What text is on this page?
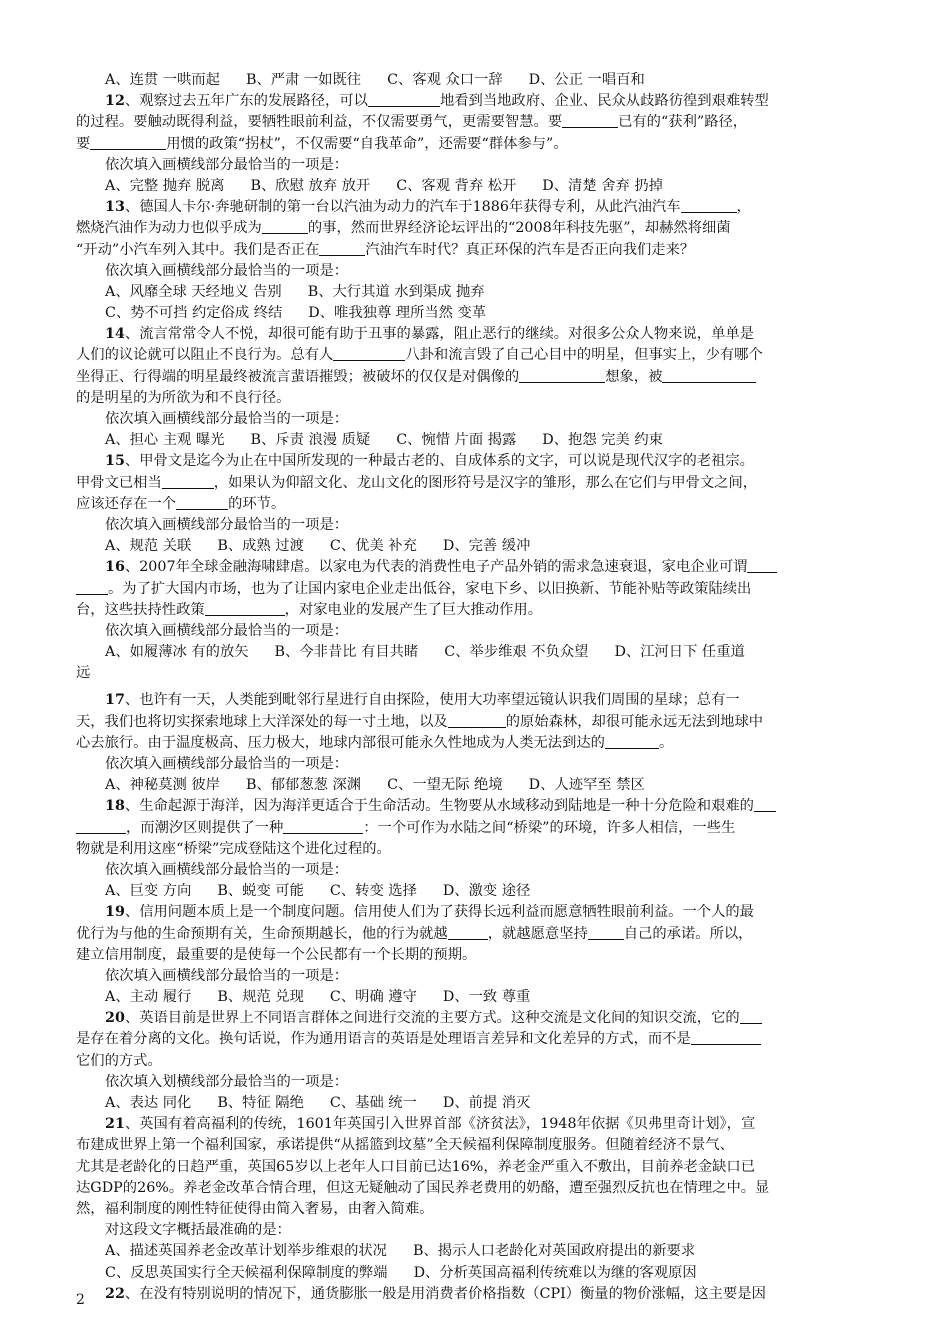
A、连贯 一哄而起 B、严肃 一如既往 C、客观 众口一辞 D、公正 一唱百和
12、观察过去五年广东的发展路径，可以	地看到当地政府、企业、民众从歧路彷徨到艰难转型
的过程。要触动既得利益，要牺牲眼前利益，不仅需要勇气，更需要智慧。要	已有的“获利”路径，
要	用惯的政策“拐杖”，不仅需要“自我革命”，还需要“群体参与”。
依次填入画横线部分最恰当的一项是：
A、完整 抛弃 脱离 B、欣慰 放弃 放开 C、客观 背弃 松开 D、清楚 舍弃 扔掉
13、德国人卡尔·奔驰研制的第一台以汽油为动力的汽车于1886年获得专利，从此汽油汽车	，
燃烧汽油作为动力也似乎成为	的事，然而世界经济论坛评出的“2008年科技先驱”，却赫然将细菌
“开动”小汽车列入其中。我们是否正在	汽油汽车时代？真正环保的汽车是否正向我们走来？
依次填入画横线部分最恰当的一项是：
A、风靡全球 天经地义 告别 B、大行其道 水到渠成 抛弃
C、势不可挡 约定俗成 终结 D、唯我独尊 理所当然 变革
14、流言常常令人不悦，却很可能有助于丑事的暴露，阻止恶行的继续。对很多公众人物来说，单单是
人们的议论就可以阻止不良行为。总有人	八卦和流言毁了自己心目中的明星，但事实上，少有哪个
坐得正、行得端的明星最终被流言蜚语摧毁；被破坏的仅仅是对偶像的	想象，被
的是明星的为所欲为和不良行径。
依次填入画横线部分最恰当的一项是：
A、担心 主观 曝光 B、斥责 浪漫 质疑 C、惋惜 片面 揭露 D、抱怨 完美 约束
15、甲骨文是迄今为止在中国所发现的一种最古老的、自成体系的文字，可以说是现代汉字的老祖宗。
甲骨文已相当	，如果认为仰韶文化、龙山文化的图形符号是汉字的雏形，那么在它们与甲骨文之间，
应该还存在一个	的环节。
依次填入画横线部分最恰当的一项是：
A、规范 关联 B、成熟 过渡 C、优美 补充 D、完善 缓冲
16、2007年全球金融海啸肆虐。以家电为代表的消费性电子产品外销的需求急速衰退，家电企业可谓
。为了扩大国内市场，也为了让国内家电企业走出低谷，家电下乡、以旧换新、节能补贴等政策陆续出
台，这些扶持性政策	，对家电业的发展产生了巨大推动作用。
依次填入画横线部分最恰当的一项是：
A、如履薄冰 有的放矢 B、今非昔比 有目共睹 C、举步维艰 不负众望 D、江河日下 任重道
远
17、也许有一天，人类能到毗邻行星进行自由探险，使用大功率望远镜认识我们周围的星球；总有一
天，我们也将切实探索地球上大洋深处的每一寸土地，以及	的原始森林，却很可能永远无法到地球中
心去旅行。由于温度极高、压力极大，地球内部很可能永久性地成为人类无法到达的	。
依次填入画横线部分最恰当的一项是：
A、神秘莫测 彼岸 B、郁郁葱葱 深渊 C、一望无际 绝境 D、人迹罕至 禁区
18、生命起源于海洋，因为海洋更适合于生命活动。生物要从水域移动到陆地是一种十分危险和艰难的
，而潮汐区则提供了一种	：一个可作为水陆之间“桥梁”的环境，许多人相信，一些生
物就是利用这座“桥梁”完成登陆这个进化过程的。
依次填入画横线部分最恰当的一项是：
A、巨变 方向 B、蜕变 可能 C、转变 选择 D、激变 途径
19、信用问题本质上是一个制度问题。信用使人们为了获得长远利益而愿意牺牲眼前利益。一个人的最
优行为与他的生命预期有关，生命预期越长，他的行为就越	，就越愿意坚持	自己的承诺。所以，
建立信用制度，最重要的是使每一个公民都有一个长期的预期。
依次填入画横线部分最恰当的一项是：
A、主动 履行 B、规范 兑现 C、明确 遵守 D、一致 尊重
20、英语目前是世界上不同语言群体之间进行交流的主要方式。这种交流是文化间的知识交流，它的
是存在着分离的文化。换句话说，作为通用语言的英语是处理语言差异和文化差异的方式，而不是
它们的方式。
依次填入划横线部分最恰当的一项是：
A、表达 同化 B、特征 隔绝 C、基础 统一 D、前提 消灭
21、英国有着高福利的传统，1601年英国引入世界首部《济贫法》，1948年依据《贝弗里奇计划》，宣
布建成世界上第一个福利国家，承诺提供“从摇篮到坟墓”全天候福利保障制度服务。但随着经济不景气、
尤其是老龄化的日趋严重，英国65岁以上老年人口目前已达16%，养老金严重入不敷出，目前养老金缺口已
达GDP的26%。养老金改革合情合理，但这无疑触动了国民养老费用的奶酪，遭至强烈反抗也在情理之中。显
然，福利制度的刚性特征使得由简入奢易，由奢入简难。
对这段文字概括最准确的是：
A、描述英国养老金改革计划举步维艰的状况 B、揭示人口老龄化对英国政府提出的新要求
C、反思英国实行全天候福利保障制度的弊端 D、分析英国高福利传统难以为继的客观原因
22、在没有特别说明的情况下，通货膨胀一般是用消费者价格指数（CPI）衡量的物价涨幅，这主要是因
2
